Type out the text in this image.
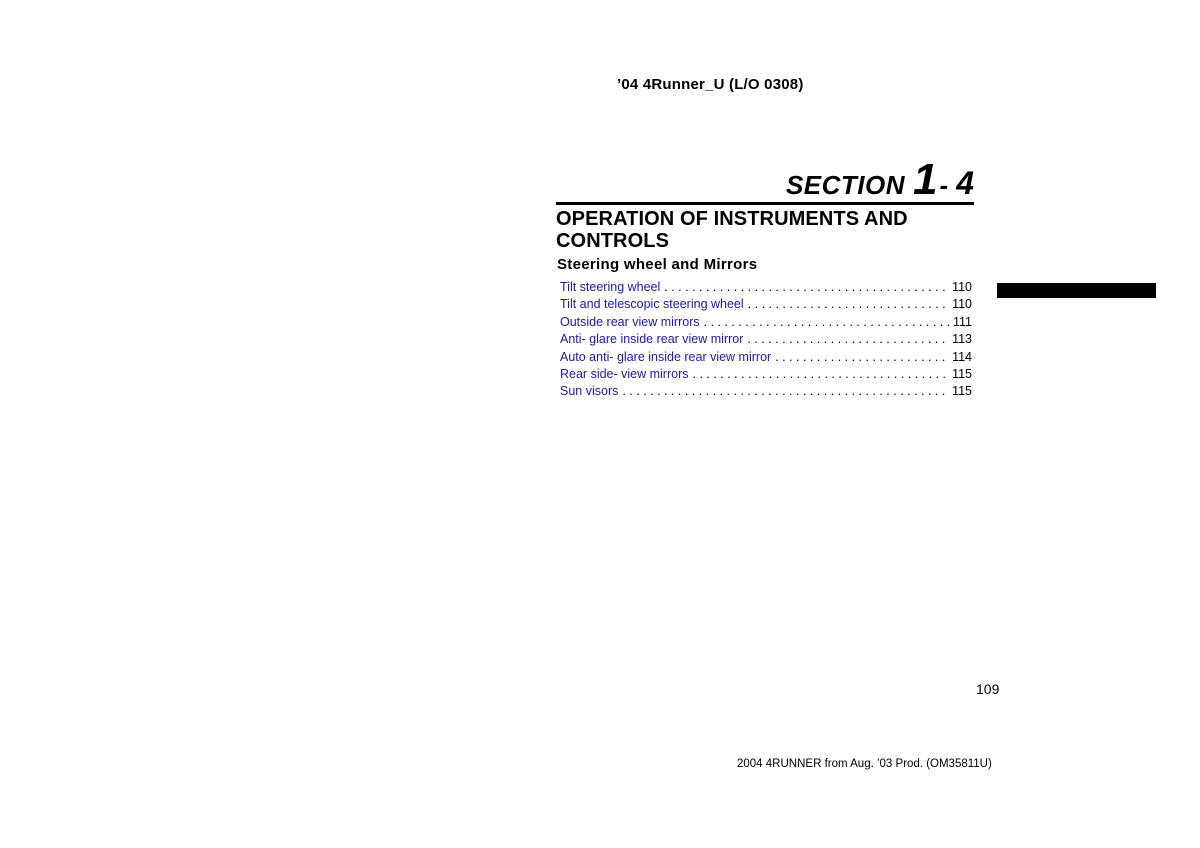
’04 4Runner_U (L/O 0308)
SECTION 1- 4
OPERATION OF INSTRUMENTS AND CONTROLS
Steering wheel and Mirrors
Tilt steering wheel . . .	110
Tilt and telescopic steering wheel . . .	110
Outside rear view mirrors . . .	111
Anti- glare inside rear view mirror . . .	113
Auto anti- glare inside rear view mirror . . .	114
Rear side- view mirrors . . .	115
Sun visors . . .	115
109
2004 4RUNNER from Aug. ’03 Prod. (OM35811U)
